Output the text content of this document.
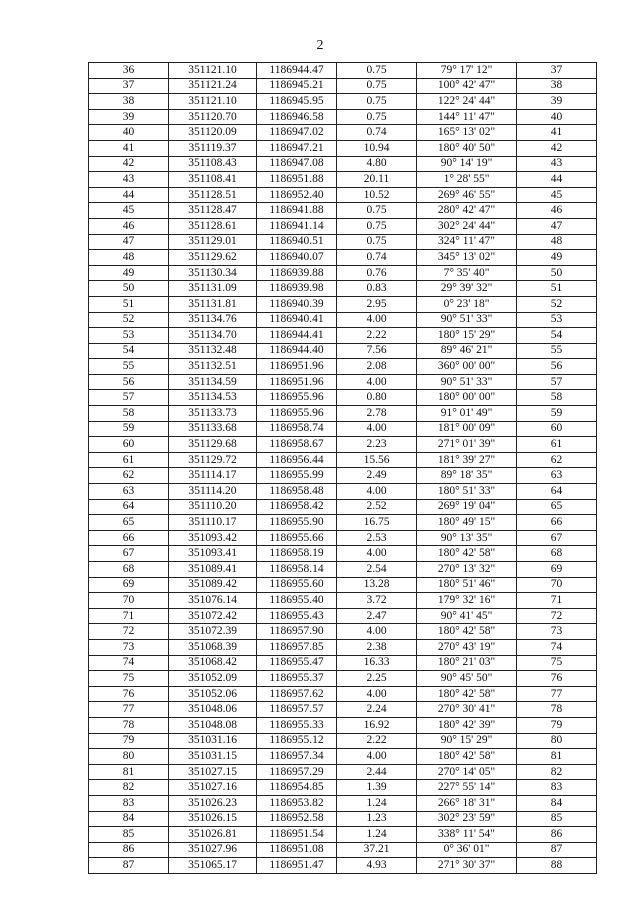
2
36	351121.10	1186944.47	0.75	79° 17' 12"	37
37	351121.24	1186945.21	0.75	100° 42' 47"	38
38	351121.10	1186945.95	0.75	122° 24' 44"	39
39	351120.70	1186946.58	0.75	144° 11' 47"	40
40	351120.09	1186947.02	0.74	165° 13' 02"	41
41	351119.37	1186947.21	10.94	180° 40' 50"	42
42	351108.43	1186947.08	4.80	90° 14' 19"	43
43	351108.41	1186951.88	20.11	1° 28' 55"	44
44	351128.51	1186952.40	10.52	269° 46' 55"	45
45	351128.47	1186941.88	0.75	280° 42' 47"	46
46	351128.61	1186941.14	0.75	302° 24' 44"	47
47	351129.01	1186940.51	0.75	324° 11' 47"	48
48	351129.62	1186940.07	0.74	345° 13' 02"	49
49	351130.34	1186939.88	0.76	7° 35' 40"	50
50	351131.09	1186939.98	0.83	29° 39' 32"	51
51	351131.81	1186940.39	2.95	0° 23' 18"	52
52	351134.76	1186940.41	4.00	90° 51' 33"	53
53	351134.70	1186944.41	2.22	180° 15' 29"	54
54	351132.48	1186944.40	7.56	89° 46' 21"	55
55	351132.51	1186951.96	2.08	360° 00' 00"	56
56	351134.59	1186951.96	4.00	90° 51' 33"	57
57	351134.53	1186955.96	0.80	180° 00' 00"	58
58	351133.73	1186955.96	2.78	91° 01' 49"	59
59	351133.68	1186958.74	4.00	181° 00' 09"	60
60	351129.68	1186958.67	2.23	271° 01' 39"	61
61	351129.72	1186956.44	15.56	181° 39' 27"	62
62	351114.17	1186955.99	2.49	89° 18' 35"	63
63	351114.20	1186958.48	4.00	180° 51' 33"	64
64	351110.20	1186958.42	2.52	269° 19' 04"	65
65	351110.17	1186955.90	16.75	180° 49' 15"	66
66	351093.42	1186955.66	2.53	90° 13' 35"	67
67	351093.41	1186958.19	4.00	180° 42' 58"	68
68	351089.41	1186958.14	2.54	270° 13' 32"	69
69	351089.42	1186955.60	13.28	180° 51' 46"	70
70	351076.14	1186955.40	3.72	179° 32' 16"	71
71	351072.42	1186955.43	2.47	90° 41' 45"	72
72	351072.39	1186957.90	4.00	180° 42' 58"	73
73	351068.39	1186957.85	2.38	270° 43' 19"	74
74	351068.42	1186955.47	16.33	180° 21' 03"	75
75	351052.09	1186955.37	2.25	90° 45' 50"	76
76	351052.06	1186957.62	4.00	180° 42' 58"	77
77	351048.06	1186957.57	2.24	270° 30' 41"	78
78	351048.08	1186955.33	16.92	180° 42' 39"	79
79	351031.16	1186955.12	2.22	90° 15' 29"	80
80	351031.15	1186957.34	4.00	180° 42' 58"	81
81	351027.15	1186957.29	2.44	270° 14' 05"	82
82	351027.16	1186954.85	1.39	227° 55' 14"	83
83	351026.23	1186953.82	1.24	266° 18' 31"	84
84	351026.15	1186952.58	1.23	302° 23' 59"	85
85	351026.81	1186951.54	1.24	338° 11' 54"	86
86	351027.96	1186951.08	37.21	0° 36' 01"	87
87	351065.17	1186951.47	4.93	271° 30' 37"	88
